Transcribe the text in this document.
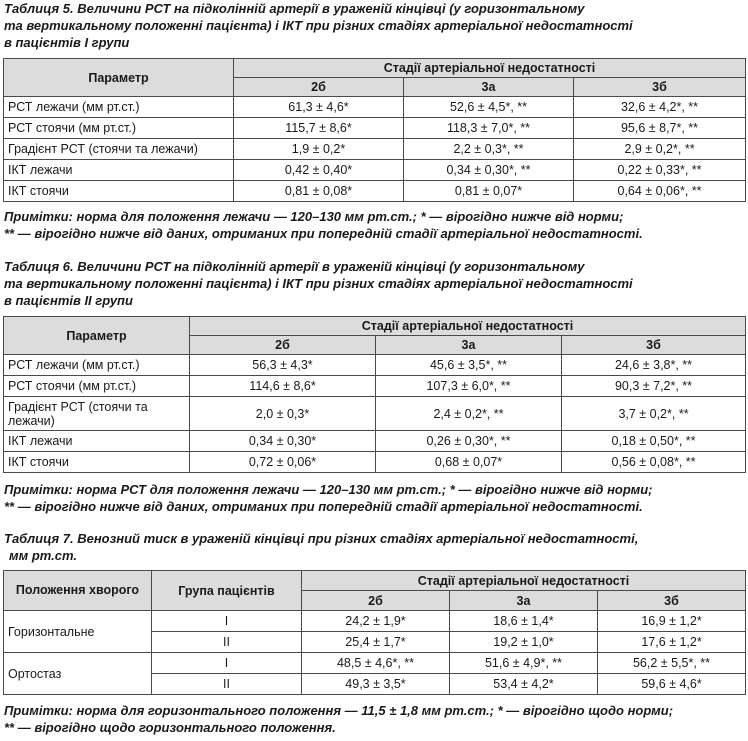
Таблиця 5. Величини РСТ на підколінній артерії в ураженій кінцівці (у горизонтальному
та вертикальному положенні пацієнта) і ІКТ при різних стадіях артеріальної недостатності
в пацієнтів І групи
Параметр	Стадії артеріальної недостатності		
	2б	3а	3б
РСТ лежачи (мм рт.ст.)	61,3 ± 4,6*	52,6 ± 4,5*, **	32,6 ± 4,2*, **
РСТ стоячи (мм рт.ст.)	115,7 ± 8,6*	118,3 ± 7,0*, **	95,6 ± 8,7*, **
Градієнт РСТ (стоячи та лежачи)	1,9 ± 0,2*	2,2 ± 0,3*, **	2,9 ± 0,2*, **
ІКТ лежачи	0,42 ± 0,40*	0,34 ± 0,30*, **	0,22 ± 0,33*, **
ІКТ стоячи	0,81 ± 0,08*	0,81 ± 0,07*	0,64 ± 0,06*, **
Примітки: норма для положення лежачи — 120–130 мм рт.ст.; * — вірогідно нижче від норми;
** — вірогідно нижче від даних, отриманих при попередній стадії артеріальної недостатності.
Таблиця 6. Величини РСТ на підколінній артерії в ураженій кінцівці (у горизонтальному
та вертикальному положенні пацієнта) і ІКТ при різних стадіях артеріальної недостатності
в пацієнтів ІІ групи
Параметр	Стадії артеріальної недостатності		
	2б	3а	3б
РСТ лежачи (мм рт.ст.)	56,3 ± 4,3*	45,6 ± 3,5*, **	24,6 ± 3,8*, **
РСТ стоячи (мм рт.ст.)	114,6 ± 8,6*	107,3 ± 6,0*, **	90,3 ± 7,2*, **
Градієнт РСТ (стоячи та лежачи)	2,0 ± 0,3*	2,4 ± 0,2*, **	3,7 ± 0,2*, **
ІКТ лежачи	0,34 ± 0,30*	0,26 ± 0,30*, **	0,18 ± 0,50*, **
ІКТ стоячи	0,72 ± 0,06*	0,68 ± 0,07*	0,56 ± 0,08*, **
Примітки: норма РСТ для положення лежачи — 120–130 мм рт.ст.; * — вірогідно нижче від норми;
** — вірогідно нижче від даних, отриманих при попередній стадії артеріальної недостатності.
Таблиця 7. Венозний тиск в ураженій кінцівці при різних стадіях артеріальної недостатності,
мм рт.ст.
Положення хворого	Група пацієнтів	Стадії артеріальної недостатності		
		2б	3а	3б
Горизонтальне	І	24,2 ± 1,9*	18,6 ± 1,4*	16,9 ± 1,2*
	ІІ	25,4 ± 1,7*	19,2 ± 1,0*	17,6 ± 1,2*
Ортостаз	І	48,5 ± 4,6*, **	51,6 ± 4,9*, **	56,2 ± 5,5*, **
	ІІ	49,3 ± 3,5*	53,4 ± 4,2*	59,6 ± 4,6*
Примітки: норма для горизонтального положення — 11,5 ± 1,8 мм рт.ст.; * — вірогідно щодо норми;
** — вірогідно щодо горизонтального положення.
